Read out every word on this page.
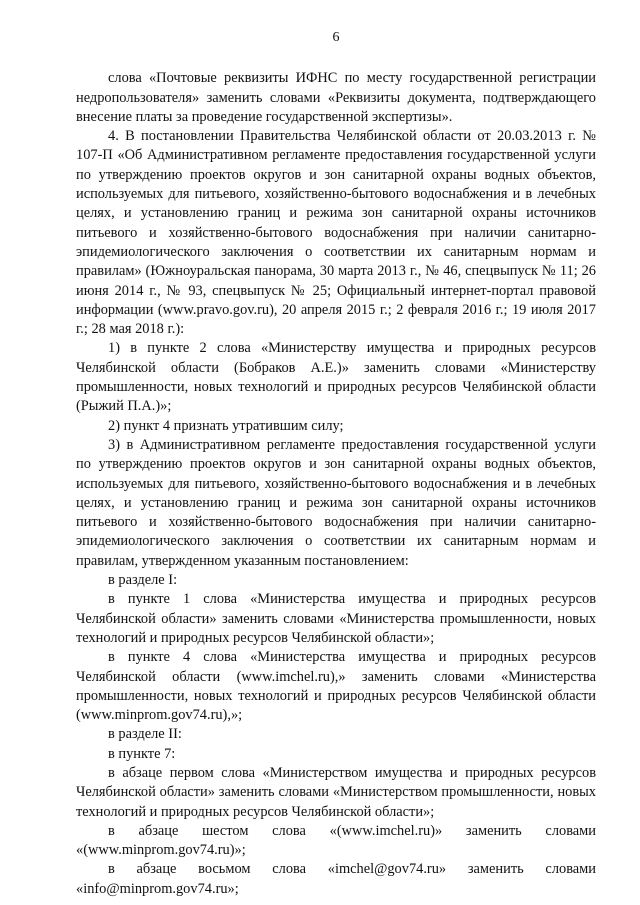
6

слова «Почтовые реквизиты ИФНС по месту государственной регистрации недропользователя» заменить словами «Реквизиты документа, подтверждающего внесение платы за проведение государственной экспертизы».

4. В постановлении Правительства Челябинской области от 20.03.2013 г. № 107-П «Об Административном регламенте предоставления государственной услуги по утверждению проектов округов и зон санитарной охраны водных объектов, используемых для питьевого, хозяйственно-бытового водоснабжения и в лечебных целях, и установлению границ и режима зон санитарной охраны источников питьевого и хозяйственно-бытового водоснабжения при наличии санитарно-эпидемиологического заключения о соответствии их санитарным нормам и правилам» (Южноуральская панорама, 30 марта 2013 г., № 46, спецвыпуск № 11; 26 июня 2014 г., № 93, спецвыпуск № 25; Официальный интернет-портал правовой информации (www.pravo.gov.ru), 20 апреля 2015 г.; 2 февраля 2016 г.; 19 июля 2017 г.; 28 мая 2018 г.):

1) в пункте 2 слова «Министерству имущества и природных ресурсов Челябинской области (Бобраков А.Е.)» заменить словами «Министерству промышленности, новых технологий и природных ресурсов Челябинской области (Рыжий П.А.)»;

2) пункт 4 признать утратившим силу;

3) в Административном регламенте предоставления государственной услуги по утверждению проектов округов и зон санитарной охраны водных объектов, используемых для питьевого, хозяйственно-бытового водоснабжения и в лечебных целях, и установлению границ и режима зон санитарной охраны источников питьевого и хозяйственно-бытового водоснабжения при наличии санитарно-эпидемиологического заключения о соответствии их санитарным нормам и правилам, утвержденном указанным постановлением:

в разделе I:

в пункте 1 слова «Министерства имущества и природных ресурсов Челябинской области» заменить словами «Министерства промышленности, новых технологий и природных ресурсов Челябинской области»;

в пункте 4 слова «Министерства имущества и природных ресурсов Челябинской области (www.imchel.ru),» заменить словами «Министерства промышленности, новых технологий и природных ресурсов Челябинской области (www.minprom.gov74.ru),»;

в разделе II:

в пункте 7:

в абзаце первом слова «Министерством имущества и природных ресурсов Челябинской области» заменить словами «Министерством промышленности, новых технологий и природных ресурсов Челябинской области»;

в абзаце шестом слова «(www.imchel.ru)» заменить словами «(www.minprom.gov74.ru)»;

в абзаце восьмом слова «imchel@gov74.ru» заменить словами «info@minprom.gov74.ru»;
